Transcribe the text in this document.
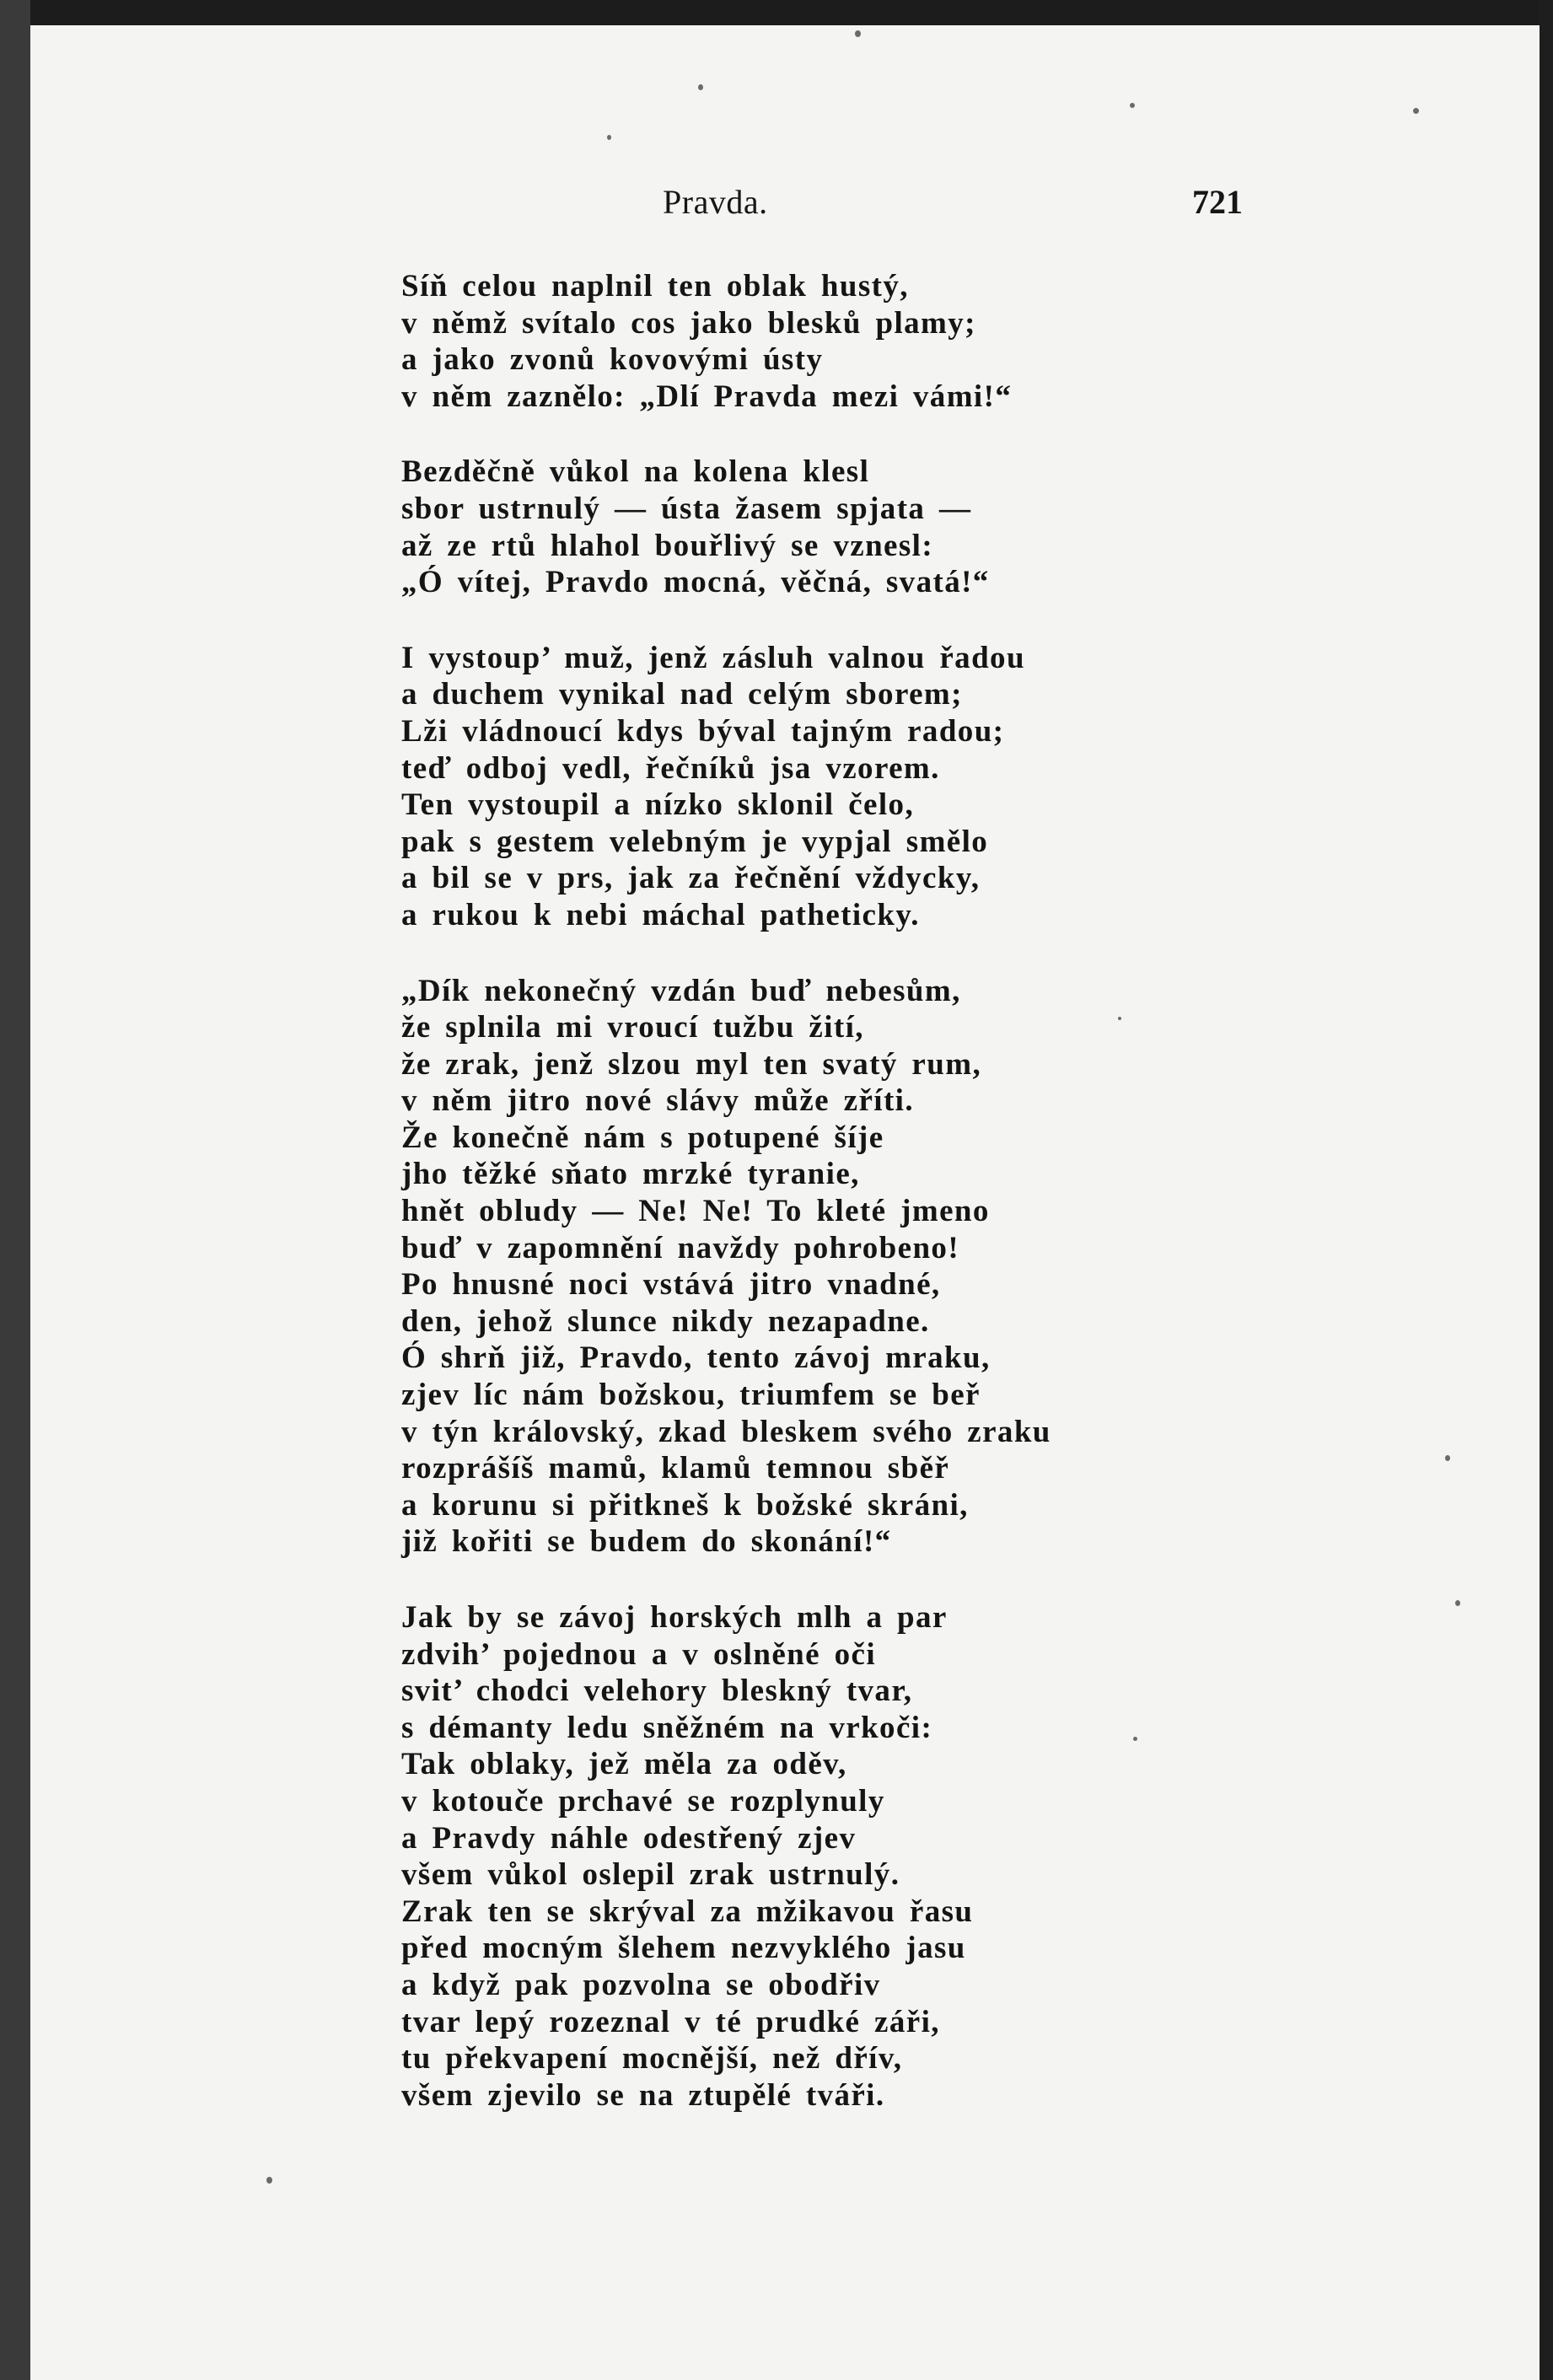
Pravda.	721
Síň celou naplnil ten oblak hustý,
v němž svítalo cos jako blesků plamy;
a jako zvonů kovovými ústy
v něm zaznělo: „Dlí Pravda mezi vámi!“
Bezděčně vůkol na kolena klesl
sbor ustrnulý — ústa žasem spjata —
až ze rtů hlahol bouřlivý se vznesl:
„Ó vítej, Pravdo mocná, věčná, svatá!“
I vystoup’ muž, jenž zásluh valnou řadou
a duchem vynikal nad celým sborem;
Lži vládnoucí kdys býval tajným radou;
teď odboj vedl, řečníků jsa vzorem.
Ten vystoupil a nízko sklonil čelo,
pak s gestem velebným je vypjal smělo
a bil se v prs, jak za řečnění vždycky,
a rukou k nebi máchal patheticky.
„Dík nekonečný vzdán buď nebesům,
že splnila mi vroucí tužbu žití,
že zrak, jenž slzou myl ten svatý rum,
v něm jitro nové slávy může zříti.
Že konečně nám s potupené šíje
jho těžké sňato mrzké tyranie,
hnět obludy — Ne! Ne! To kleté jmeno
buď v zapomnění navždy pohrobeno!
Po hnusné noci vstává jitro vnadné,
den, jehož slunce nikdy nezapadne.
Ó shrň již, Pravdo, tento závoj mraku,
zjev líc nám božskou, triumfem se beř
v týn královský, zkad bleskem svého zraku
rozprášíš mamů, klamů temnou sběř
a korunu si přitkneš k božské skráni,
již kořiti se budem do skonání!“
Jak by se závoj horských mlh a par
zdvih’ pojednou a v oslněné oči
svit’ chodci velehory bleskný tvar,
s démanty ledu sněžném na vrkoči:
Tak oblaky, jež měla za oděv,
v kotouče prchavé se rozplynuly
a Pravdy náhle odestřený zjev
všem vůkol oslepil zrak ustrnulý.
Zrak ten se skrýval za mžikavou řasu
před mocným šlehem nezvyklého jasu
a když pak pozvolna se obodřiv
tvar lepý rozeznal v té prudké záři,
tu překvapení mocnější, než dřív,
všem zjevilo se na ztupělé tváři.
